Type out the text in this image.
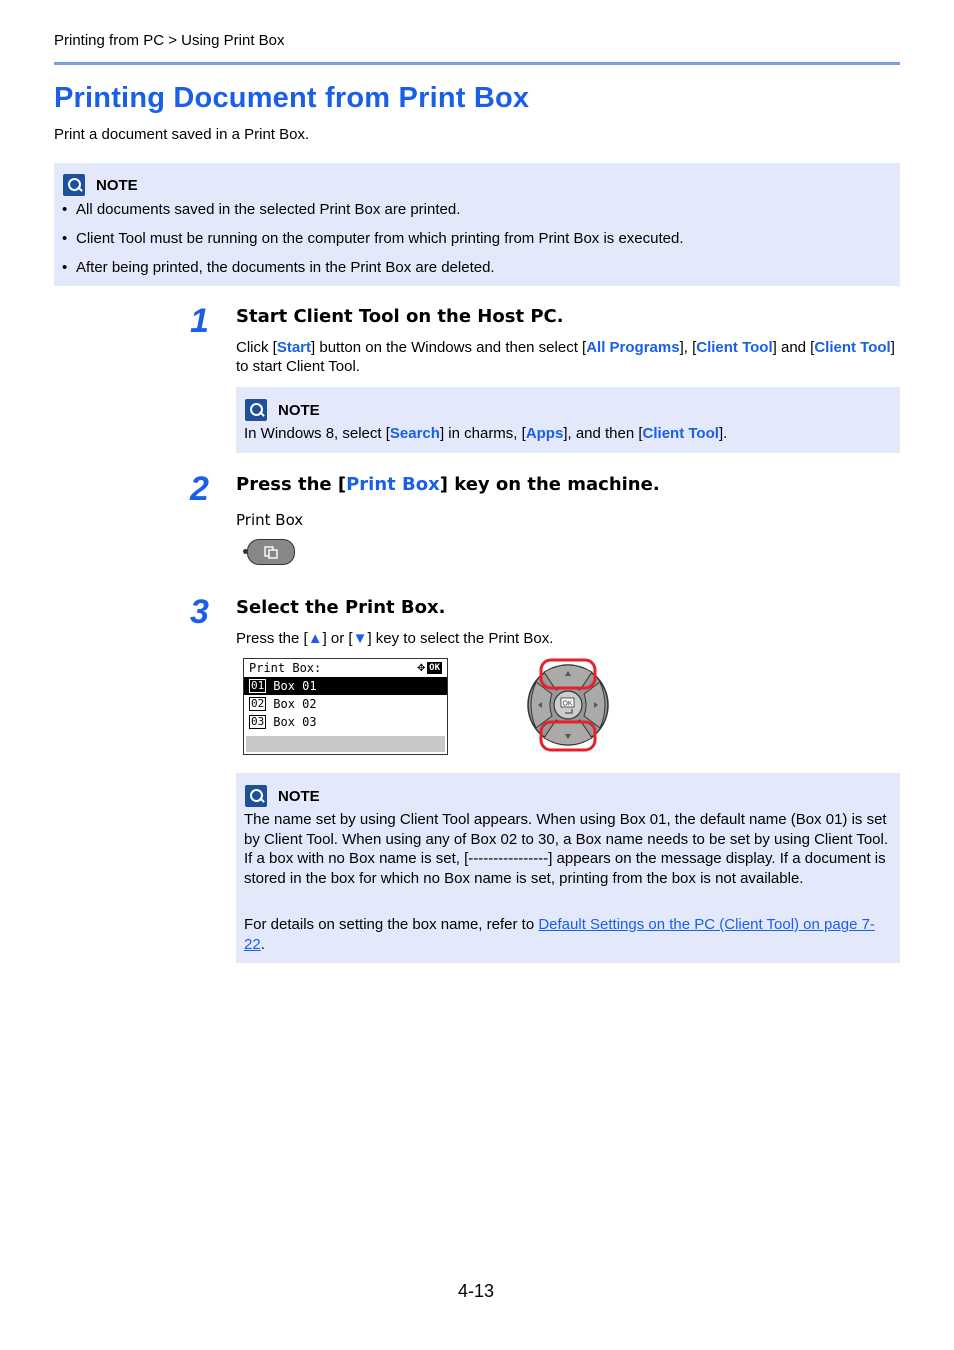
Printing from PC > Using Print Box
Printing Document from Print Box
Print a document saved in a Print Box.
NOTE
• All documents saved in the selected Print Box are printed.
• Client Tool must be running on the computer from which printing from Print Box is executed.
• After being printed, the documents in the Print Box are deleted.
1 Start Client Tool on the Host PC.
Click [Start] button on the Windows and then select [All Programs], [Client Tool] and [Client Tool] to start Client Tool.
NOTE
In Windows 8, select [Search] in charms, [Apps], and then [Client Tool].
2 Press the [Print Box] key on the machine.
Print Box
3 Select the Print Box.
Press the [▲] or [▼] key to select the Print Box.
Print Box:	✥ OK
01 Box 01
02 Box 02
03 Box 03
OK
NOTE
The name set by using Client Tool appears. When using Box 01, the default name (Box 01) is set by Client Tool. When using any of Box 02 to 30, a Box name needs to be set by using Client Tool. If a box with no Box name is set, [----------------] appears on the message display. If a document is stored in the box for which no Box name is set, printing from the box is not available.
For details on setting the box name, refer to Default Settings on the PC (Client Tool) on page 7-22.
4-13
